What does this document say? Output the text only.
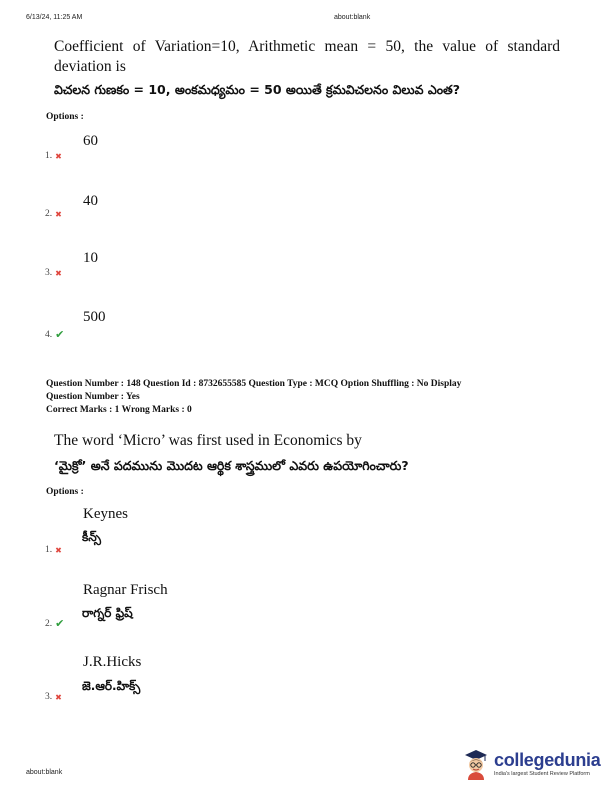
6/13/24, 11:25 AM	about:blank
Coefficient of Variation=10, Arithmetic mean = 50, the value of standard deviation is
విచలన గుణకం = 10, అంకమధ్యమం = 50 అయితే క్రమవిచలనం విలువ ఎంత?
Options :
60
1. ✖
40
2. ✖
10
3. ✖
500
4. ✔
Question Number : 148 Question Id : 8732655585 Question Type : MCQ Option Shuffling : No Display
Question Number : Yes
Correct Marks : 1 Wrong Marks : 0
The word ‘Micro’ was first used in Economics by
‘మైక్రో’ అనే పదమును మొదట ఆర్థిక శాస్త్రములో ఎవరు ఉపయోగించారు?
Options :
Keynes
కీన్స్
1. ✖
Ragnar Frisch
రాగ్నర్ ఫ్రిష్
2. ✔
J.R.Hicks
జె.ఆర్.హిక్స్
3. ✖
about:blank
collegedunia
India's largest Student Review Platform
